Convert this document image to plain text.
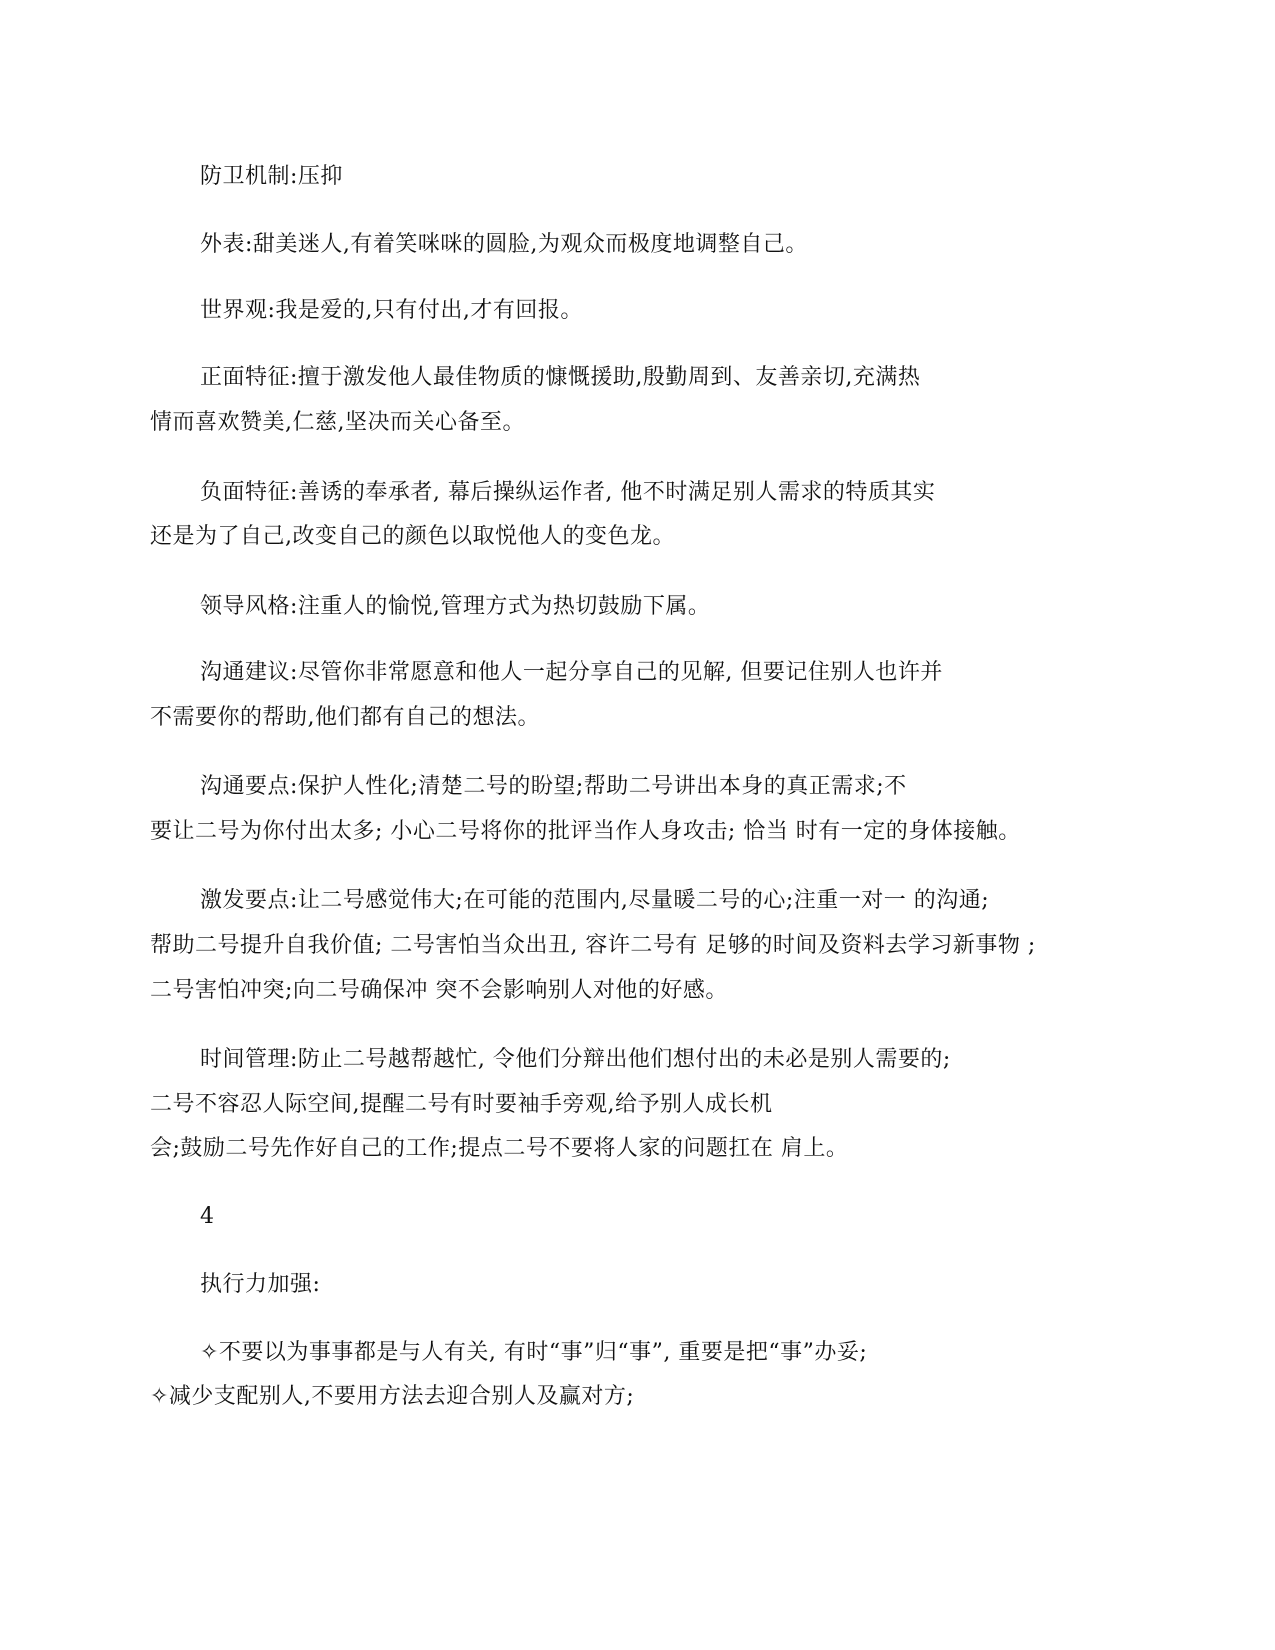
防卫机制:压抑
外表:甜美迷人,有着笑咪咪的圆脸,为观众而极度地调整自己。
世界观:我是爱的,只有付出,才有回报。
正面特征:擅于激发他人最佳物质的慷慨援助,殷勤周到、友善亲切,充满热
情而喜欢赞美,仁慈,坚决而关心备至。
负面特征:善诱的奉承者, 幕后操纵运作者, 他不时满足别人需求的特质其实
还是为了自己,改变自己的颜色以取悦他人的变色龙。
领导风格:注重人的愉悦,管理方式为热切鼓励下属。
沟通建议:尽管你非常愿意和他人一起分享自己的见解, 但要记住别人也许并
不需要你的帮助,他们都有自己的想法。
沟通要点:保护人性化;清楚二号的盼望;帮助二号讲出本身的真正需求;不
要让二号为你付出太多; 小心二号将你的批评当作人身攻击; 恰当 时有一定的身体接触。
激发要点:让二号感觉伟大;在可能的范围内,尽量暖二号的心;注重一对一 的沟通;
帮助二号提升自我价值; 二号害怕当众出丑, 容许二号有 足够的时间及资料去学习新事物 ;
二号害怕冲突;向二号确保冲 突不会影响别人对他的好感。
时间管理:防止二号越帮越忙, 令他们分辩出他们想付出的未必是别人需要的;
二号不容忍人际空间,提醒二号有时要袖手旁观,给予别人成长机
会;鼓励二号先作好自己的工作;提点二号不要将人家的问题扛在 肩上。
4
执行力加强:
✧不要以为事事都是与人有关, 有时“事”归“事”, 重要是把“事”办妥;
✧减少支配别人,不要用方法去迎合别人及赢对方;
